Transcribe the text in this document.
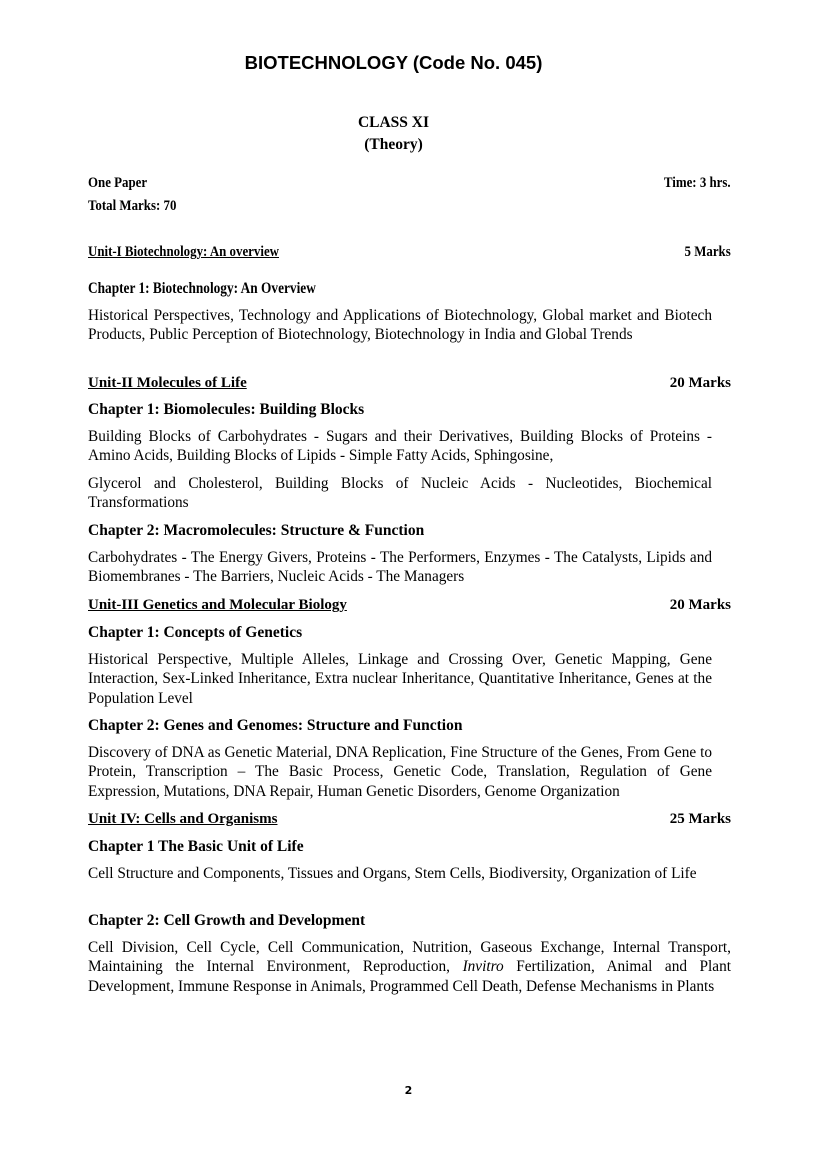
BIOTECHNOLOGY (Code No. 045)
CLASS XI
(Theory)
One Paper	Time: 3 hrs.
Total Marks: 70
Unit-I Biotechnology: An overview	5 Marks
Chapter 1: Biotechnology: An Overview
Historical Perspectives, Technology and Applications of Biotechnology, Global market and Biotech Products, Public Perception of Biotechnology, Biotechnology in India and Global Trends
Unit-II Molecules of Life	20 Marks
Chapter 1: Biomolecules: Building Blocks
Building Blocks of Carbohydrates - Sugars and their Derivatives, Building Blocks of Proteins - Amino Acids, Building Blocks of Lipids - Simple Fatty Acids, Sphingosine,
Glycerol and Cholesterol, Building Blocks of Nucleic Acids - Nucleotides, Biochemical Transformations
Chapter 2: Macromolecules: Structure & Function
Carbohydrates - The Energy Givers, Proteins - The Performers, Enzymes - The Catalysts, Lipids and Biomembranes - The Barriers, Nucleic Acids - The Managers
Unit-III Genetics and Molecular Biology	20 Marks
Chapter 1: Concepts of Genetics
Historical Perspective, Multiple Alleles, Linkage and Crossing Over, Genetic Mapping, Gene Interaction, Sex-Linked Inheritance, Extra nuclear Inheritance, Quantitative Inheritance, Genes at the Population Level
Chapter 2: Genes and Genomes: Structure and Function
Discovery of DNA as Genetic Material, DNA Replication, Fine Structure of the Genes, From Gene to Protein, Transcription – The Basic Process, Genetic Code, Translation, Regulation of Gene Expression, Mutations, DNA Repair, Human Genetic Disorders, Genome Organization
Unit IV: Cells and Organisms	25 Marks
Chapter 1 The Basic Unit of Life
Cell Structure and Components, Tissues and Organs, Stem Cells, Biodiversity, Organization of Life
Chapter 2: Cell Growth and Development
Cell Division, Cell Cycle, Cell Communication, Nutrition, Gaseous Exchange, Internal Transport, Maintaining the Internal Environment, Reproduction, Invitro Fertilization, Animal and Plant Development, Immune Response in Animals, Programmed Cell Death, Defense Mechanisms in Plants
2
